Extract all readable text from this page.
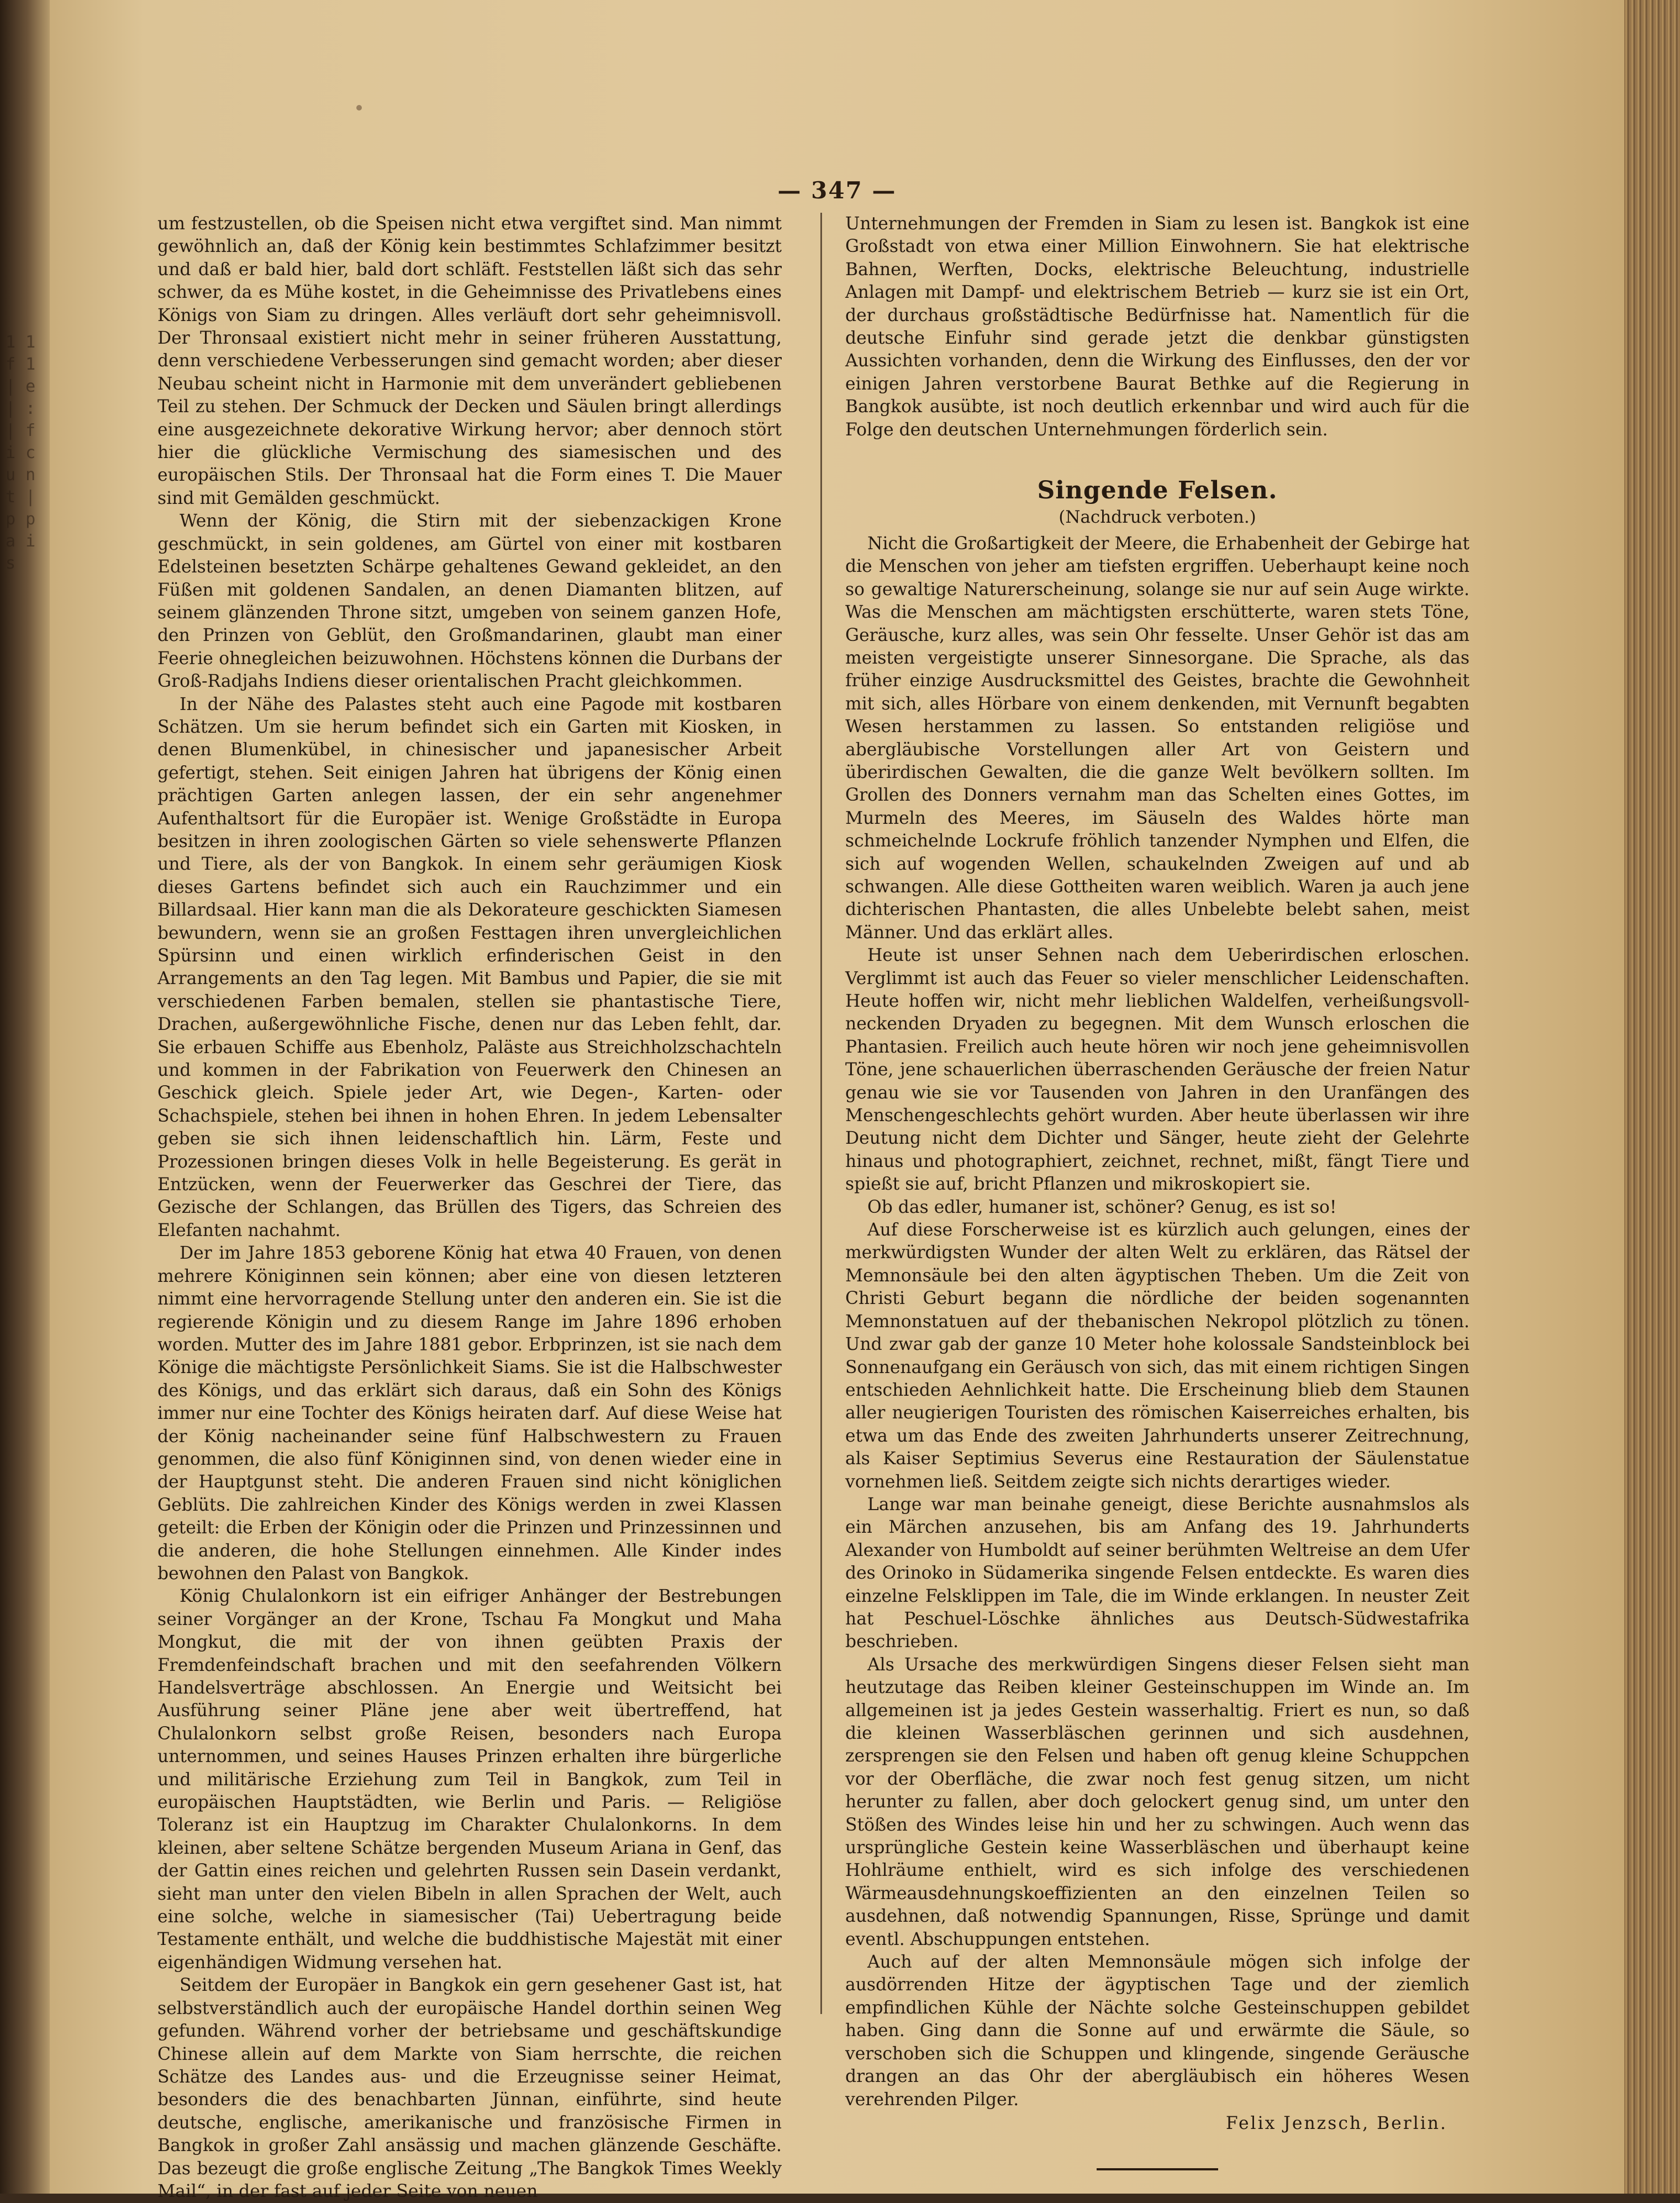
1 1 f 1 | e | : | f i c u n t | p p a i s
— 347 —

um festzustellen, ob die Speisen nicht etwa vergiftet sind. Man nimmt gewöhnlich an, daß der König kein bestimmtes Schlafzimmer besitzt und daß er bald hier, bald dort schläft. Feststellen läßt sich das sehr schwer, da es Mühe kostet, in die Geheimnisse des Privatlebens eines Königs von Siam zu dringen. Alles verläuft dort sehr geheimnisvoll. Der Thronsaal existiert nicht mehr in seiner früheren Ausstattung, denn verschiedene Verbesserungen sind gemacht worden; aber dieser Neubau scheint nicht in Harmonie mit dem unverändert gebliebenen Teil zu stehen. Der Schmuck der Decken und Säulen bringt allerdings eine ausgezeichnete dekorative Wirkung hervor; aber dennoch stört hier die glückliche Vermischung des siamesischen und des europäischen Stils. Der Thronsaal hat die Form eines T. Die Mauer sind mit Gemälden geschmückt.

Wenn der König, die Stirn mit der siebenzackigen Krone geschmückt, in sein goldenes, am Gürtel von einer mit kostbaren Edelsteinen besetzten Schärpe gehaltenes Gewand gekleidet, an den Füßen mit goldenen Sandalen, an denen Diamanten blitzen, auf seinem glänzenden Throne sitzt, umgeben von seinem ganzen Hofe, den Prinzen von Geblüt, den Großmandarinen, glaubt man einer Feerie ohnegleichen beizuwohnen. Höchstens können die Durbans der Groß-Radjahs Indiens dieser orientalischen Pracht gleichkommen.

In der Nähe des Palastes steht auch eine Pagode mit kostbaren Schätzen. Um sie herum befindet sich ein Garten mit Kiosken, in denen Blumenkübel, in chinesischer und japanesischer Arbeit gefertigt, stehen. Seit einigen Jahren hat übrigens der König einen prächtigen Garten anlegen lassen, der ein sehr angenehmer Aufenthaltsort für die Europäer ist. Wenige Großstädte in Europa besitzen in ihren zoologischen Gärten so viele sehenswerte Pflanzen und Tiere, als der von Bangkok. In einem sehr geräumigen Kiosk dieses Gartens befindet sich auch ein Rauchzimmer und ein Billardsaal. Hier kann man die als Dekorateure geschickten Siamesen bewundern, wenn sie an großen Festtagen ihren unvergleichlichen Spürsinn und einen wirklich erfinderischen Geist in den Arrangements an den Tag legen. Mit Bambus und Papier, die sie mit verschiedenen Farben bemalen, stellen sie phantastische Tiere, Drachen, außergewöhnliche Fische, denen nur das Leben fehlt, dar. Sie erbauen Schiffe aus Ebenholz, Paläste aus Streichholzschachteln und kommen in der Fabrikation von Feuerwerk den Chinesen an Geschick gleich. Spiele jeder Art, wie Degen-, Karten- oder Schachspiele, stehen bei ihnen in hohen Ehren. In jedem Lebensalter geben sie sich ihnen leidenschaftlich hin. Lärm, Feste und Prozessionen bringen dieses Volk in helle Begeisterung. Es gerät in Entzücken, wenn der Feuerwerker das Geschrei der Tiere, das Gezische der Schlangen, das Brüllen des Tigers, das Schreien des Elefanten nachahmt.

Der im Jahre 1853 geborene König hat etwa 40 Frauen, von denen mehrere Königinnen sein können; aber eine von diesen letzteren nimmt eine hervorragende Stellung unter den anderen ein. Sie ist die regierende Königin und zu diesem Range im Jahre 1896 erhoben worden. Mutter des im Jahre 1881 gebor. Erbprinzen, ist sie nach dem Könige die mächtigste Persönlichkeit Siams. Sie ist die Halbschwester des Königs, und das erklärt sich daraus, daß ein Sohn des Königs immer nur eine Tochter des Königs heiraten darf. Auf diese Weise hat der König nacheinander seine fünf Halbschwestern zu Frauen genommen, die also fünf Königinnen sind, von denen wieder eine in der Hauptgunst steht. Die anderen Frauen sind nicht königlichen Geblüts. Die zahlreichen Kinder des Königs werden in zwei Klassen geteilt: die Erben der Königin oder die Prinzen und Prinzessinnen und die anderen, die hohe Stellungen einnehmen. Alle Kinder indes bewohnen den Palast von Bangkok.

König Chulalonkorn ist ein eifriger Anhänger der Bestrebungen seiner Vorgänger an der Krone, Tschau Fa Mongkut und Maha Mongkut, die mit der von ihnen geübten Praxis der Fremdenfeindschaft brachen und mit den seefahrenden Völkern Handelsverträge abschlossen. An Energie und Weitsicht bei Ausführung seiner Pläne jene aber weit übertreffend, hat Chulalonkorn selbst große Reisen, besonders nach Europa unternommen, und seines Hauses Prinzen erhalten ihre bürgerliche und militärische Erziehung zum Teil in Bangkok, zum Teil in europäischen Hauptstädten, wie Berlin und Paris. — Religiöse Toleranz ist ein Hauptzug im Charakter Chulalonkorns. In dem kleinen, aber seltene Schätze bergenden Museum Ariana in Genf, das der Gattin eines reichen und gelehrten Russen sein Dasein verdankt, sieht man unter den vielen Bibeln in allen Sprachen der Welt, auch eine solche, welche in siamesischer (Tai) Uebertragung beide Testamente enthält, und welche die buddhistische Majestät mit einer eigenhändigen Widmung versehen hat.

Seitdem der Europäer in Bangkok ein gern gesehener Gast ist, hat selbstverständlich auch der europäische Handel dorthin seinen Weg gefunden. Während vorher der betriebsame und geschäftskundige Chinese allein auf dem Markte von Siam herrschte, die reichen Schätze des Landes aus- und die Erzeugnisse seiner Heimat, besonders die des benachbarten Jünnan, einführte, sind heute deutsche, englische, amerikanische und französische Firmen in Bangkok in großer Zahl ansässig und machen glänzende Geschäfte. Das bezeugt die große englische Zeitung „The Bangkok Times Weekly Mail“, in der fast auf jeder Seite von neuen

Unternehmungen der Fremden in Siam zu lesen ist. Bangkok ist eine Großstadt von etwa einer Million Einwohnern. Sie hat elektrische Bahnen, Werften, Docks, elektrische Beleuchtung, industrielle Anlagen mit Dampf- und elektrischem Betrieb — kurz sie ist ein Ort, der durchaus großstädtische Bedürfnisse hat. Namentlich für die deutsche Einfuhr sind gerade jetzt die denkbar günstigsten Aussichten vorhanden, denn die Wirkung des Einflusses, den der vor einigen Jahren verstorbene Baurat Bethke auf die Regierung in Bangkok ausübte, ist noch deutlich erkennbar und wird auch für die Folge den deutschen Unternehmungen förderlich sein.

Singende Felsen.
(Nachdruck verboten.)

Nicht die Großartigkeit der Meere, die Erhabenheit der Gebirge hat die Menschen von jeher am tiefsten ergriffen. Ueberhaupt keine noch so gewaltige Naturerscheinung, solange sie nur auf sein Auge wirkte. Was die Menschen am mächtigsten erschütterte, waren stets Töne, Geräusche, kurz alles, was sein Ohr fesselte. Unser Gehör ist das am meisten vergeistigte unserer Sinnesorgane. Die Sprache, als das früher einzige Ausdrucksmittel des Geistes, brachte die Gewohnheit mit sich, alles Hörbare von einem denkenden, mit Vernunft begabten Wesen herstammen zu lassen. So entstanden religiöse und abergläubische Vorstellungen aller Art von Geistern und überirdischen Gewalten, die die ganze Welt bevölkern sollten. Im Grollen des Donners vernahm man das Schelten eines Gottes, im Murmeln des Meeres, im Säuseln des Waldes hörte man schmeichelnde Lockrufe fröhlich tanzender Nymphen und Elfen, die sich auf wogenden Wellen, schaukelnden Zweigen auf und ab schwangen. Alle diese Gottheiten waren weiblich. Waren ja auch jene dichterischen Phantasten, die alles Unbelebte belebt sahen, meist Männer. Und das erklärt alles.

Heute ist unser Sehnen nach dem Ueberirdischen erloschen. Verglimmt ist auch das Feuer so vieler menschlicher Leidenschaften. Heute hoffen wir, nicht mehr lieblichen Waldelfen, verheißungsvoll-neckenden Dryaden zu begegnen. Mit dem Wunsch erloschen die Phantasien. Freilich auch heute hören wir noch jene geheimnisvollen Töne, jene schauerlichen überraschenden Geräusche der freien Natur genau wie sie vor Tausenden von Jahren in den Uranfängen des Menschengeschlechts gehört wurden. Aber heute überlassen wir ihre Deutung nicht dem Dichter und Sänger, heute zieht der Gelehrte hinaus und photographiert, zeichnet, rechnet, mißt, fängt Tiere und spießt sie auf, bricht Pflanzen und mikroskopiert sie.

Ob das edler, humaner ist, schöner? Genug, es ist so!

Auf diese Forscherweise ist es kürzlich auch gelungen, eines der merkwürdigsten Wunder der alten Welt zu erklären, das Rätsel der Memnonsäule bei den alten ägyptischen Theben. Um die Zeit von Christi Geburt begann die nördliche der beiden sogenannten Memnonstatuen auf der thebanischen Nekropol plötzlich zu tönen. Und zwar gab der ganze 10 Meter hohe kolossale Sandsteinblock bei Sonnenaufgang ein Geräusch von sich, das mit einem richtigen Singen entschieden Aehnlichkeit hatte. Die Erscheinung blieb dem Staunen aller neugierigen Touristen des römischen Kaiserreiches erhalten, bis etwa um das Ende des zweiten Jahrhunderts unserer Zeitrechnung, als Kaiser Septimius Severus eine Restauration der Säulenstatue vornehmen ließ. Seitdem zeigte sich nichts derartiges wieder.

Lange war man beinahe geneigt, diese Berichte ausnahmslos als ein Märchen anzusehen, bis am Anfang des 19. Jahrhunderts Alexander von Humboldt auf seiner berühmten Weltreise an dem Ufer des Orinoko in Südamerika singende Felsen entdeckte. Es waren dies einzelne Felsklippen im Tale, die im Winde erklangen. In neuster Zeit hat Peschuel-Löschke ähnliches aus Deutsch-Südwestafrika beschrieben.

Als Ursache des merkwürdigen Singens dieser Felsen sieht man heutzutage das Reiben kleiner Gesteinschuppen im Winde an. Im allgemeinen ist ja jedes Gestein wasserhaltig. Friert es nun, so daß die kleinen Wasserbläschen gerinnen und sich ausdehnen, zersprengen sie den Felsen und haben oft genug kleine Schuppchen vor der Oberfläche, die zwar noch fest genug sitzen, um nicht herunter zu fallen, aber doch gelockert genug sind, um unter den Stößen des Windes leise hin und her zu schwingen. Auch wenn das ursprüngliche Gestein keine Wasserbläschen und überhaupt keine Hohlräume enthielt, wird es sich infolge des verschiedenen Wärmeausdehnungskoeffizienten an den einzelnen Teilen so ausdehnen, daß notwendig Spannungen, Risse, Sprünge und damit eventl. Abschuppungen entstehen.

Auch auf der alten Memnonsäule mögen sich infolge der ausdörrenden Hitze der ägyptischen Tage und der ziemlich empfindlichen Kühle der Nächte solche Gesteinschuppen gebildet haben. Ging dann die Sonne auf und erwärmte die Säule, so verschoben sich die Schuppen und klingende, singende Geräusche drangen an das Ohr der abergläubisch ein höheres Wesen verehrenden Pilger.

Felix Jenzsch, Berlin.
